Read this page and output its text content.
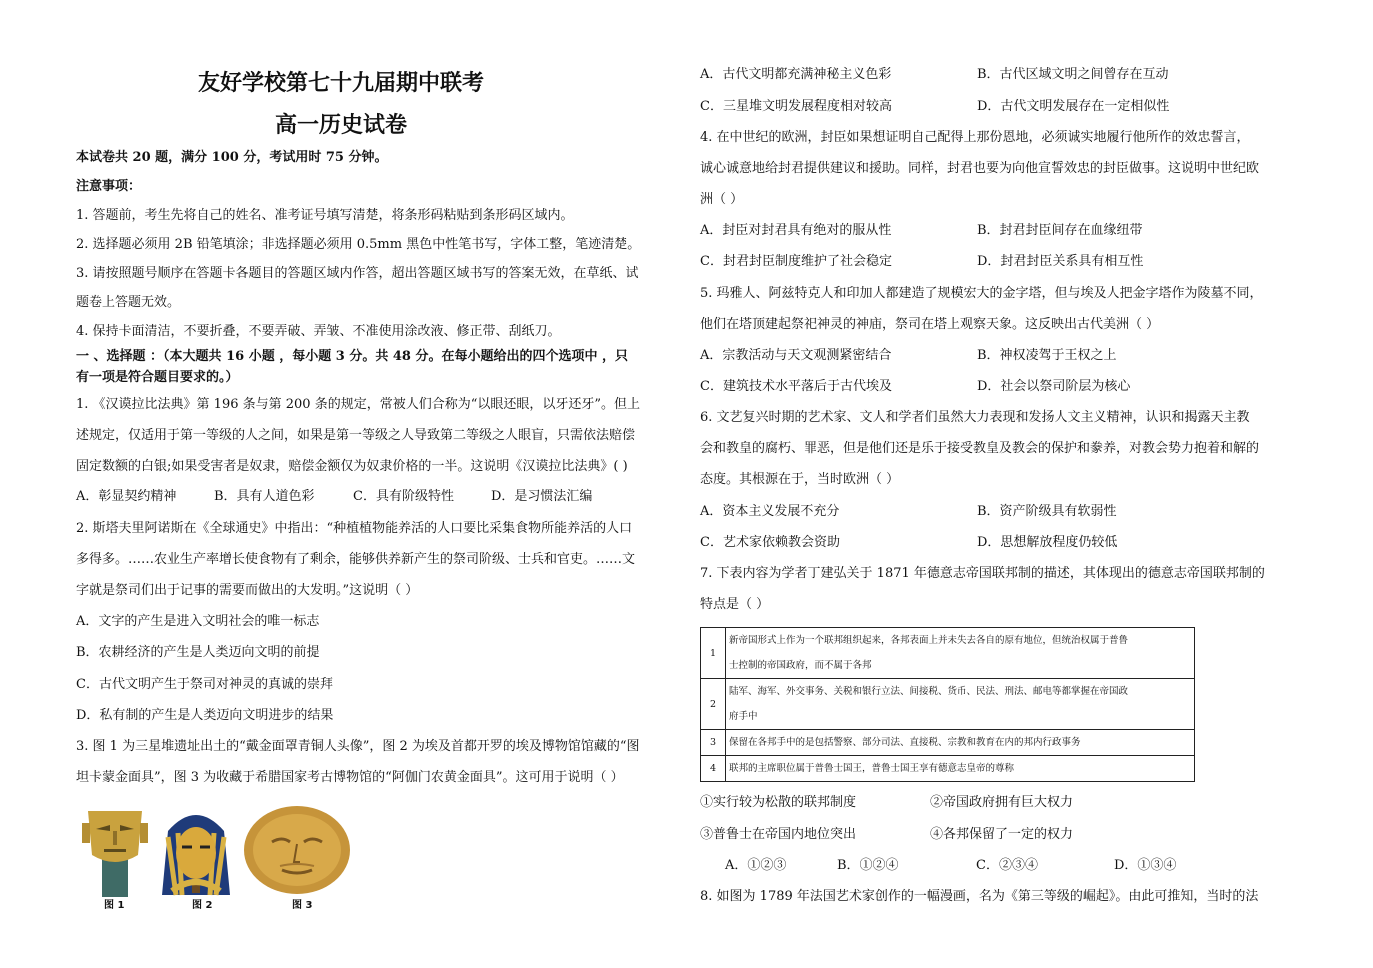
友好学校第七十九届期中联考
高一历史试卷
本试卷共 20 题，满分 100 分，考试用时 75 分钟。
注意事项：
1. 答题前，考生先将自己的姓名、准考证号填写清楚，将条形码粘贴到条形码区域内。
2. 选择题必须用 2B 铅笔填涂；非选择题必须用 0.5mm 黑色中性笔书写，字体工整，笔迹清楚。
3. 请按照题号顺序在答题卡各题目的答题区域内作答，超出答题区域书写的答案无效，在草纸、试
题卷上答题无效。
4. 保持卡面清洁，不要折叠，不要弄破、弄皱、不准使用涂改液、修正带、刮纸刀。
一 、选择题 ：（本大题共 16 小题 ，每小题 3 分。共 48 分。在每小题给出的四个选项中 ，只
有一项是符合题目要求的。）
1. 《汉谟拉比法典》第 196 条与第 200 条的规定，常被人们合称为“以眼还眼，以牙还牙”。但上
述规定，仅适用于第一等级的人之间，如果是第一等级之人导致第二等级之人眼盲，只需依法赔偿
固定数额的白银;如果受害者是奴隶，赔偿金额仅为奴隶价格的一半。这说明《汉谟拉比法典》( )
A．彰显契约精神	B．具有人道色彩	C．具有阶级特性	D．是习惯法汇编
2. 斯塔夫里阿诺斯在《全球通史》中指出：“种植植物能养活的人口要比采集食物所能养活的人口
多得多。……农业生产率增长使食物有了剩余，能够供养新产生的祭司阶级、士兵和官吏。……文
字就是祭司们出于记事的需要而做出的大发明。”这说明（ ）
A．文字的产生是进入文明社会的唯一标志
B．农耕经济的产生是人类迈向文明的前提
C．古代文明产生于祭司对神灵的真诚的崇拜
D．私有制的产生是人类迈向文明进步的结果
3. 图 1 为三星堆遗址出土的“戴金面罩青铜人头像”，图 2 为埃及首都开罗的埃及博物馆馆藏的“图
坦卡蒙金面具”，图 3 为收藏于希腊国家考古博物馆的“阿伽门农黄金面具”。这可用于说明（ ）
图 1	图 2	图 3
A．古代文明都充满神秘主义色彩	B．古代区域文明之间曾存在互动
C．三星堆文明发展程度相对较高	D．古代文明发展存在一定相似性
4. 在中世纪的欧洲，封臣如果想证明自己配得上那份恩地，必须诚实地履行他所作的效忠誓言，
诚心诚意地给封君提供建议和援助。同样，封君也要为向他宣誓效忠的封臣做事。这说明中世纪欧
洲（ ）
A．封臣对封君具有绝对的服从性	B．封君封臣间存在血缘纽带
C．封君封臣制度维护了社会稳定	D．封君封臣关系具有相互性
5. 玛雅人、阿兹特克人和印加人都建造了规模宏大的金字塔，但与埃及人把金字塔作为陵墓不同，
他们在塔顶建起祭祀神灵的神庙，祭司在塔上观察天象。这反映出古代美洲（ ）
A．宗教活动与天文观测紧密结合	B．神权凌驾于王权之上
C．建筑技术水平落后于古代埃及	D．社会以祭司阶层为核心
6. 文艺复兴时期的艺术家、文人和学者们虽然大力表现和发扬人文主义精神，认识和揭露天主教
会和教皇的腐朽、罪恶，但是他们还是乐于接受教皇及教会的保护和豢养，对教会势力抱着和解的
态度。其根源在于，当时欧洲（ ）
A．资本主义发展不充分	B．资产阶级具有软弱性
C．艺术家依赖教会资助	D．思想解放程度仍较低
7. 下表内容为学者丁建弘关于 1871 年德意志帝国联邦制的描述，其体现出的德意志帝国联邦制的
特点是（ ）
1	新帝国形式上作为一个联邦组织起来，各邦表面上并未失去各自的原有地位，但统治权属于普鲁
士控制的帝国政府，而不属于各邦

2	陆军、海军、外交事务、关税和银行立法、间接税、货币、民法、刑法、邮电等都掌握在帝国政
府手中

3	保留在各邦手中的是包括警察、部分司法、直接税、宗教和教育在内的邦内行政事务

4	联邦的主席职位属于普鲁士国王，普鲁士国王享有德意志皇帝的尊称
①实行较为松散的联邦制度	②帝国政府拥有巨大权力
③普鲁士在帝国内地位突出	④各邦保留了一定的权力
A．①②③	B．①②④	C．②③④	D．①③④
8. 如图为 1789 年法国艺术家创作的一幅漫画，名为《第三等级的崛起》。由此可推知，当时的法
